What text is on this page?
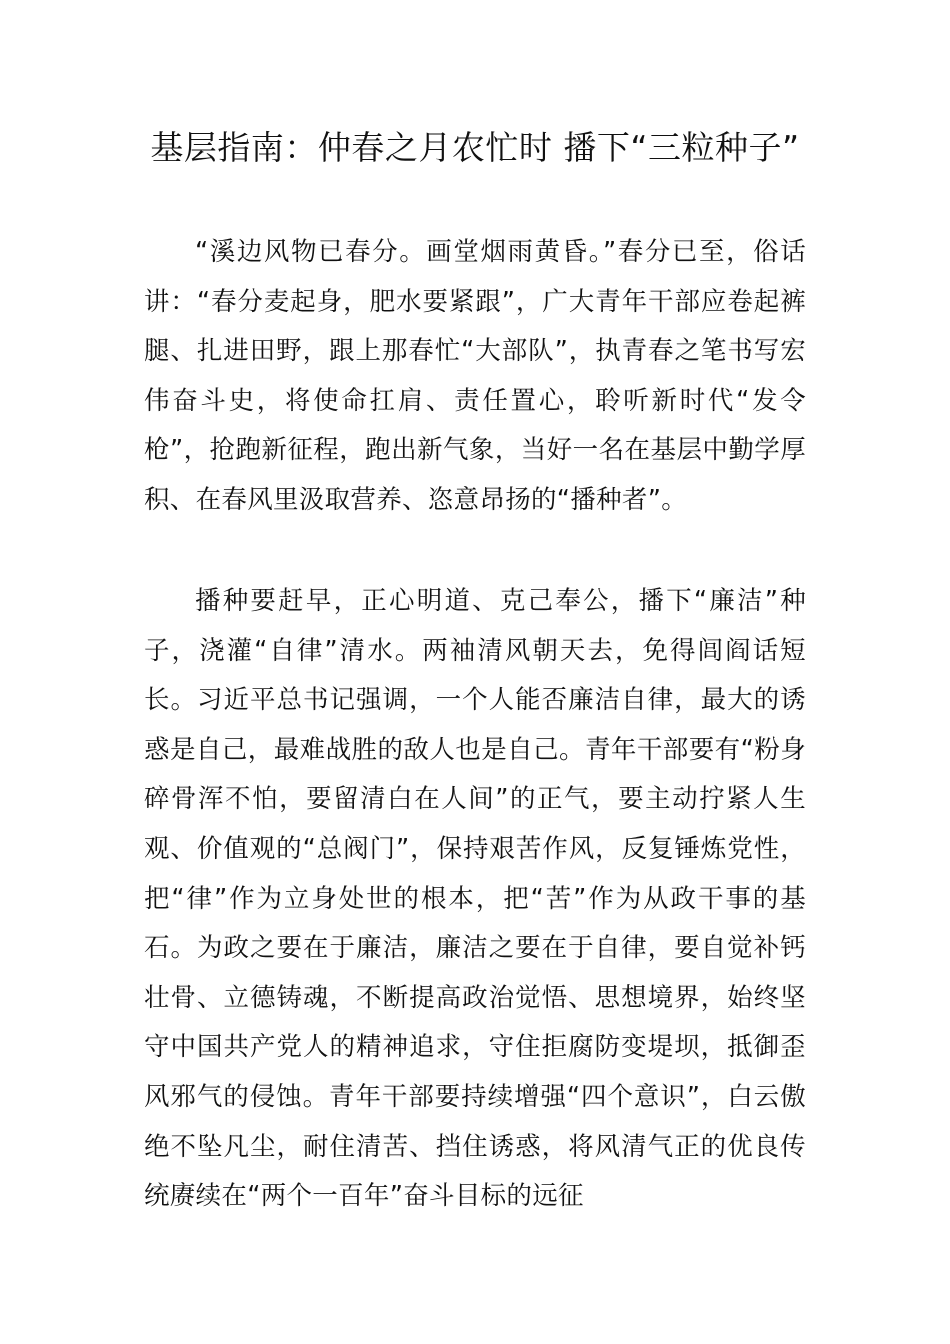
基层指南：仲春之月农忙时 播下“三粒种子”

“溪边风物已春分。画堂烟雨黄昏。”春分已至，俗话讲：“春分麦起身，肥水要紧跟”，广大青年干部应卷起裤腿、扎进田野，跟上那春忙“大部队”，执青春之笔书写宏伟奋斗史，将使命扛肩、责任置心，聆听新时代“发令枪”，抢跑新征程，跑出新气象，当好一名在基层中勤学厚积、在春风里汲取营养、恣意昂扬的“播种者”。

播种要赶早，正心明道、克己奉公，播下“廉洁”种子，浇灌“自律”清水。两袖清风朝天去，免得闾阎话短长。习近平总书记强调，一个人能否廉洁自律，最大的诱惑是自己，最难战胜的敌人也是自己。青年干部要有“粉身碎骨浑不怕，要留清白在人间”的正气，要主动拧紧人生观、价值观的“总阀门”，保持艰苦作风，反复锤炼党性，把“律”作为立身处世的根本，把“苦”作为从政干事的基石。为政之要在于廉洁，廉洁之要在于自律，要自觉补钙壮骨、立德铸魂，不断提高政治觉悟、思想境界，始终坚守中国共产党人的精神追求，守住拒腐防变堤坝，抵御歪风邪气的侵蚀。青年干部要持续增强“四个意识”，白云傲绝不坠凡尘，耐住清苦、挡住诱惑，将风清气正的优良传统赓续在“两个一百年”奋斗目标的远征
